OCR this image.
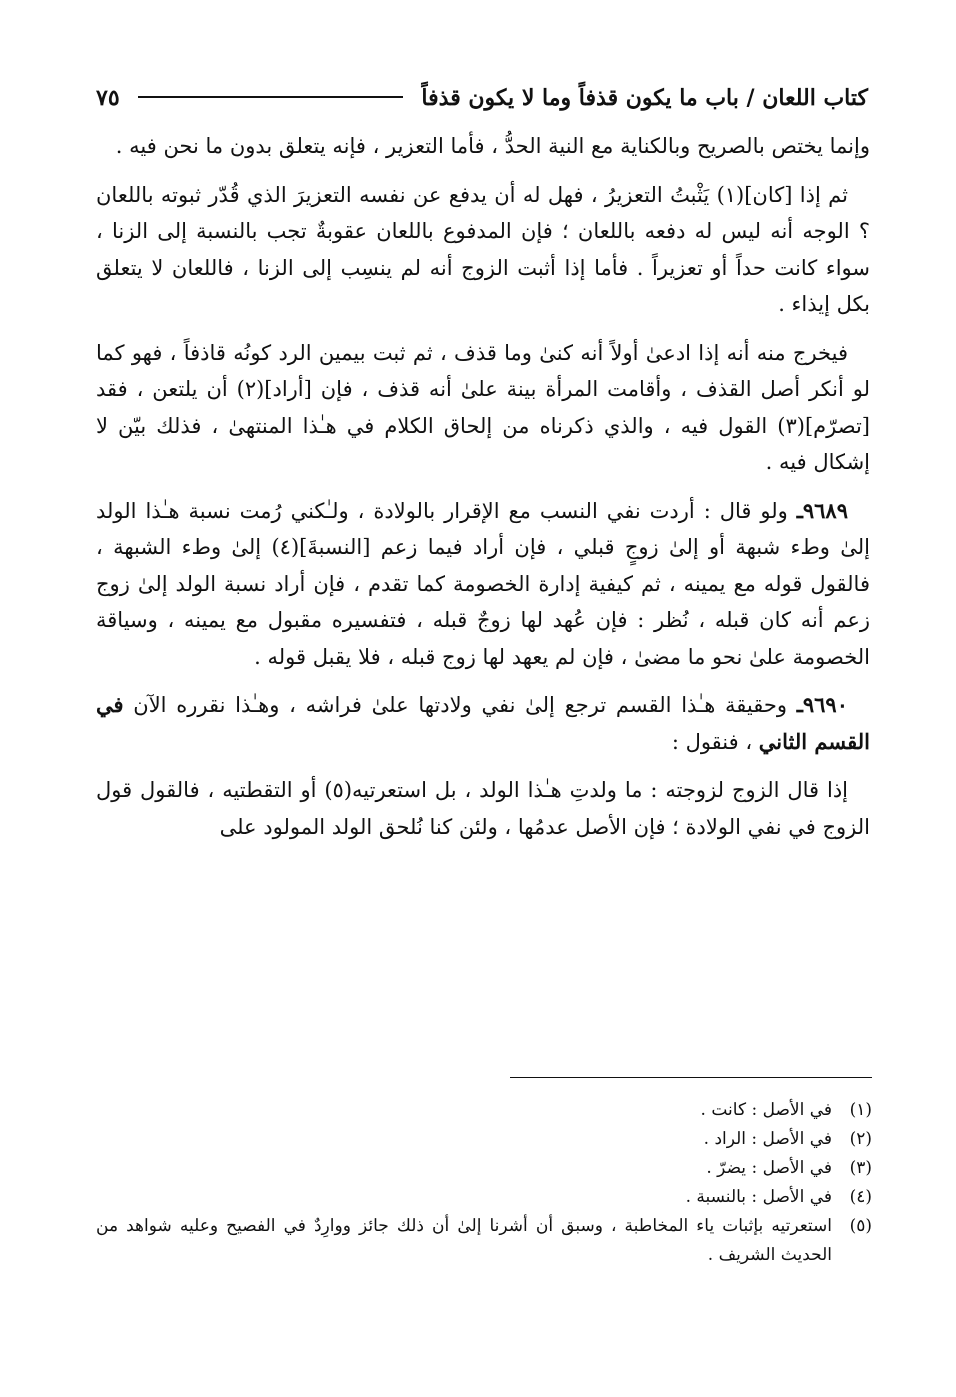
كتاب اللعان / باب ما يكون قذفاً وما لا يكون قذفاً
٧٥

وإنما يختص بالصريح وبالكناية مع النية الحدُّ ، فأما التعزير ، فإنه يتعلق بدون ما نحن فيه .

ثم إذا [كان](١) يَثْبتُ التعزيرُ ، فهل له أن يدفع عن نفسه التعزيرَ الذي قُدّر ثبوته باللعان ؟ الوجه أنه ليس له دفعه باللعان ؛ فإن المدفوع باللعان عقوبةٌ تجب بالنسبة إلى الزنا ، سواء كانت حداً أو تعزيراً . فأما إذا أثبت الزوج أنه لم ينسِب إلى الزنا ، فاللعان لا يتعلق بكل إيذاء .

فيخرج منه أنه إذا ادعىٰ أولاً أنه كنىٰ وما قذف ، ثم ثبت بيمين الرد كونُه قاذفاً ، فهو كما لو أنكر أصل القذف ، وأقامت المرأة بينة علىٰ أنه قذف ، فإن [أراد](٢) أن يلتعن ، فقد [تصرّم](٣) القول فيه ، والذي ذكرناه من إلحاق الكلام في هـٰذا المنتهىٰ ، فذلك بيّن لا إشكال فيه .

٩٦٨٩ـ ولو قال : أردت نفي النسب مع الإقرار بالولادة ، ولـٰكني رُمت نسبة هـٰذا الولد إلىٰ وطء شبهة أو إلىٰ زوجٍ قبلي ، فإن أراد فيما زعم [النسبةَ](٤) إلىٰ وطء الشبهة ، فالقول قوله مع يمينه ، ثم كيفية إدارة الخصومة كما تقدم ، فإن أراد نسبة الولد إلىٰ زوج زعم أنه كان قبله ، نُظر : فإن عُهد لها زوجٌ قبله ، فتفسيره مقبول مع يمينه ، وسياقة الخصومة علىٰ نحو ما مضىٰ ، فإن لم يعهد لها زوج قبله ، فلا يقبل قوله .

٩٦٩٠ـ وحقيقة هـٰذا القسم ترجع إلىٰ نفي ولادتها علىٰ فراشه ، وهـٰذا نقرره الآن في القسم الثاني ، فنقول :

إذا قال الزوج لزوجته : ما ولدتِ هـٰذا الولد ، بل استعرتيه(٥) أو التقطتيه ، فالقول قول الزوج في نفي الولادة ؛ فإن الأصل عدمُها ، ولئن كنا نُلحق الولد المولود على

(١)
في الأصل : كانت .
(٢)
في الأصل : الراد .
(٣)
في الأصل : يضرّ .
(٤)
في الأصل : بالنسبة .
(٥)
استعرتيه بإثبات ياء المخاطبة ، وسبق أن أشرنا إلىٰ أن ذلك جائز ووارِدٌ في الفصيح وعليه شواهد من الحديث الشريف .
